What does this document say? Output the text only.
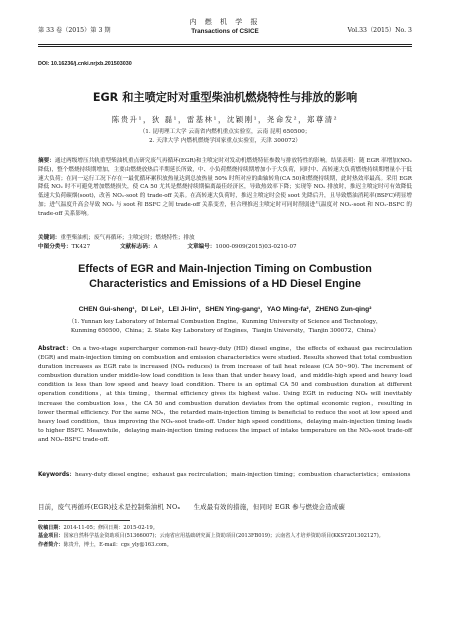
第 33 卷（2015）第 3 期
内 燃 机 学 报
Transactions of CSICE	Vol.33（2015）No. 3
DOI: 10.16236/j.cnki.nrjxb.201503030
EGR 和主喷定时对重型柴油机燃烧特性与排放的影响
陈贵升¹，狄 磊¹，雷基林¹，沈颖刚¹，尧命发²，郑尊清²
（1. 昆明理工大学 云南省内燃机重点实验室，云南 昆明 650500；
2. 天津大学 内燃机燃烧学国家重点实验室，天津 300072）
摘要：通过两级增压共轨重型柴油机重点研究废气再循环(EGR)和主喷定时对发动机燃烧特征参数与排放特性的影响。结果表明：随 EGR 率增加(NOₓ降低)，整个燃烧持续期增加，主要由燃烧放热后半期延长所致，中、小负荷燃烧持续期增加小于大负荷，同时中、高转速大负荷燃烧持续期增量小于低速大负荷；在同一运行工况下存在一最优循环累积放热量达到总放热量 50% 时所对应的曲轴转角(CA 50)和燃烧持续期，此时热效率最高。采用 EGR 降低 NOₓ 时不可避免增加燃烧损失，使 CA 50 尤其是燃烧持续期偏离最佳经济区，导致热效率下降；实现等 NOₓ 排放时，推迟主喷定时可有效降低低速大负荷碳烟(soot)，改善 NOₓ-soot 的 trade-off 关系。在高转速大负荷时，推迟主喷定时会使 soot 先降后升，且导致燃油消耗率(BSFC)明显增加；进气温度升高会导致 NOₓ 与 soot 和 BSFC 之间 trade-off 关系变差，但合理推迟主喷定时可同时削弱进气温度对 NOₓ-soot 和 NOₓ-BSFC 的 trade-off 关系影响。
Effects of EGR and Main-Injection Timing on Combustion
Characteristics and Emissions of a HD Diesel Engine
CHEN Gui-sheng¹，DI Lei¹，LEI Ji-lin¹，SHEN Ying-gang¹，YAO Ming-fa²，ZHENG Zun-qing²
（1. Yunnan key Laboratory of Internal Combustion Engine，Kunming University of Science and Technology，
Kunming 650500，China；2. State Key Laboratory of Engines，Tianjin University，Tianjin 300072，China）
Abstract：On a two-stage supercharger common-rail heavy-duty (HD) diesel engine，the effects of exhaust gas recirculation (EGR) and main-injection timing on combustion and emission characteristics were studied. Results showed that total combustion duration increases as EGR rate is increased (NOₓ reduces) is from increase of tail heat release (CA 50~90). The increment of combustion duration under middle-low load condition is less than that under heavy load，and middle-high speed and heavy load condition is less than low speed and heavy load condition. There is an optimal CA 50 and combustion duration at different operation conditions，at this timing，thermal efficiency gives its highest value. Using EGR in reducing NOₓ will inevitably increase the combustion loss，the CA 50 and combustion duration deviates from the optimal economic region，resulting in lower thermal efficiency. For the same NOₓ，the retarded main-injection timing is beneficial to reduce the soot at low speed and heavy load condition，thus improving the NOₓ-soot trade-off. Under high speed conditions，delaying main-injection timing leads to higher BSFC. Meanwhile，delaying main-injection timing reduces the impact of intake temperature on the NOₓ-soot trade-off and NOₓ-BSFC trade-off.
Keywords：heavy-duty diesel engine；exhaust gas recirculation；main-injection timing；combustion characteristics；emissions
目前，废气再循环(EGR)技术是控制柴油机 NOₓ　　生成最有效的措施，但同时 EGR 参与燃烧会造成碳
收稿日期： 2014-11-05；修回日期：2015-02-19。
基金项目： 国家自然科学基金资助项目(51366007)；云南省应用基础研究面上资助项目(2013FB019)；云南省人才培养资助项目(KKSY201302127)。
作者简介： 陈贵升，博士，E-mail：cgs_yly@163.com。
关键词：重型柴油机；废气再循环；主喷定时；燃烧特性；排放
中图分类号：TK427	文献标志码：A	文章编号：1000-0909(2015)03-0210-07
